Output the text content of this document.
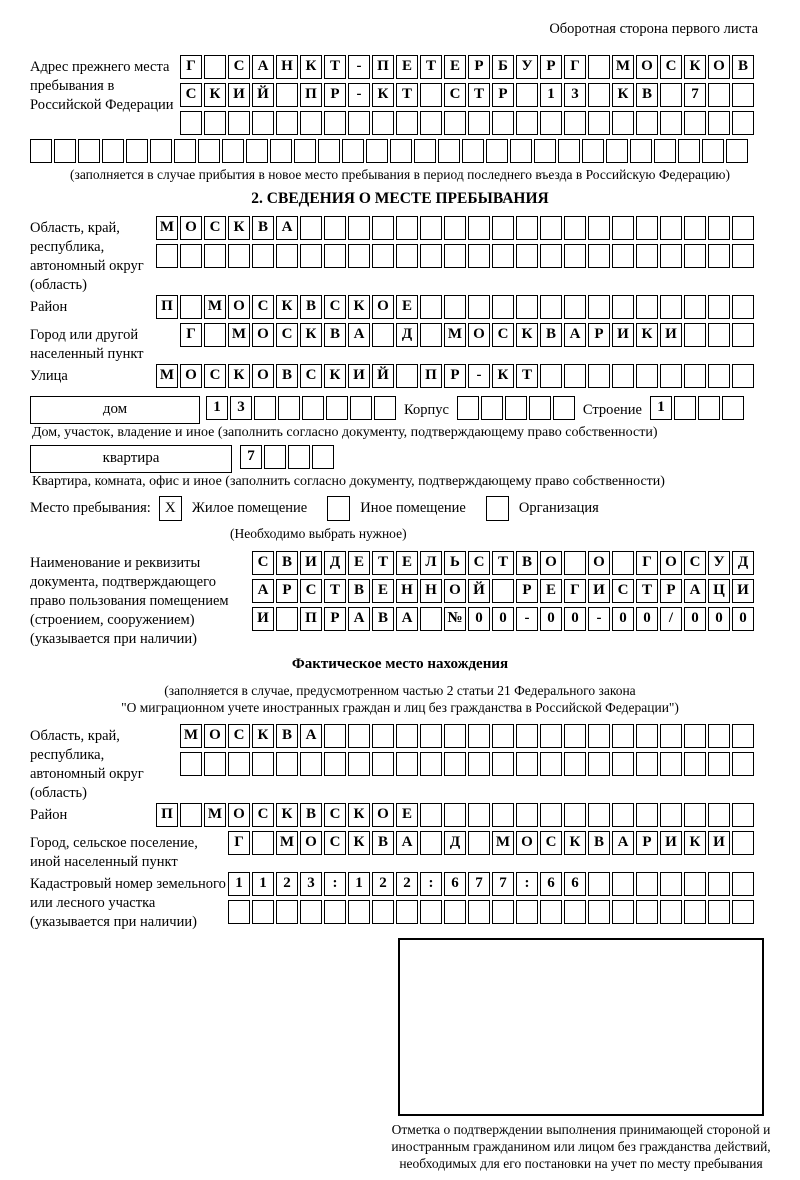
Оборотная сторона первого листа
Адрес прежнего места пребывания в Российской Федерации
Г	С А Н К Т	-	П Е Т Е Р Б У Р Г	М О С К О В
С К И Й	П Р	-	К Т	С Т Р	1	3	К В	7
(заполняется в случае прибытия в новое место пребывания в период последнего въезда в Российскую Федерацию)
2. СВЕДЕНИЯ О МЕСТЕ ПРЕБЫВАНИЯ
Область, край, республика, автономный округ (область)
М О С К В А
Район	П	М О С К В С К О Е
Город или другой населенный пункт
Г	М О С К В А	Д	М О С К В А Р И К И
Улица	М О С К О В С К И Й	П Р	-	К Т
дом	1	3	Корпус	Строение	1
Дом, участок, владение и иное (заполнить согласно документу, подтверждающему право собственности)
квартира	7
Квартира, комната, офис и иное (заполнить согласно документу, подтверждающему право собственности)
Место пребывания: X	Жилое помещение	Иное помещение	Организация
(Необходимо выбрать нужное)
Наименование и реквизиты документа, подтверждающего право пользования помещением (строением, сооружением) (указывается при наличии)
С В И Д Е Т Е Л Ь С Т В О	О	Г О С У Д
А Р С Т В Е Н Н О Й	Р Е Г И С Т Р А Ц И
И	П Р А В А	№ 0	0	-	0	0	-	0	0	/	0	0	0
Фактическое место нахождения
(заполняется в случае, предусмотренном частью 2 статьи 21 Федерального закона
"О миграционном учете иностранных граждан и лиц без гражданства в Российской Федерации")
Область, край, республика, автономный округ (область)
М О С К В А
Район	П	М О С К В С К О Е
Город, сельское поселение, иной населенный пункт
Г	М О С К В А	Д	М О С К В А Р И К И
Кадастровый номер земельного или лесного участка (указывается при наличии)
1	1	2	3	:	1	2	2	:	6	7	7	:	6	6
Отметка о подтверждении выполнения принимающей стороной и иностранным гражданином или лицом без гражданства действий, необходимых для его постановки на учет по месту пребывания
